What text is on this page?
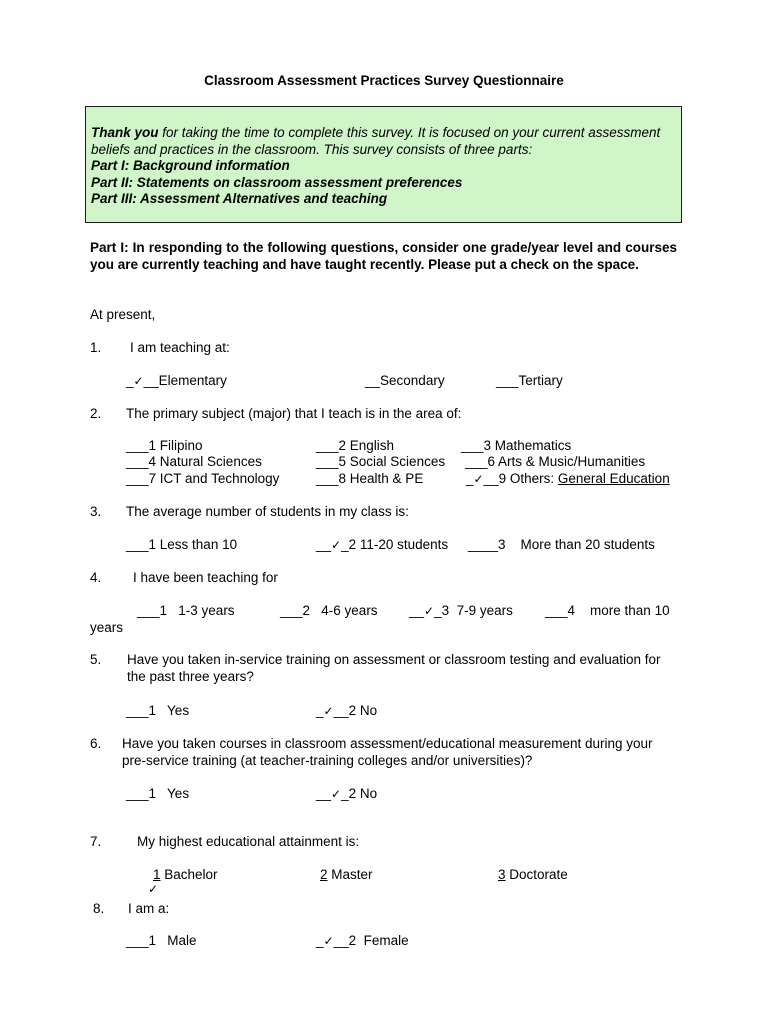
Classroom Assessment Practices Survey Questionnaire
Thank you for taking the time to complete this survey. It is focused on your current assessment beliefs and practices in the classroom. This survey consists of three parts:
Part I: Background information
Part II: Statements on classroom assessment preferences
Part III: Assessment Alternatives and teaching
Part I: In responding to the following questions, consider one grade/year level and courses you are currently teaching and have taught recently. Please put a check on the space.
At present,
1. I am teaching at:
_✓__Elementary	__Secondary	___Tertiary
2. The primary subject (major) that I teach is in the area of:
___1 Filipino	___2 English	___3 Mathematics
___4 Natural Sciences	___5 Social Sciences ___6 Arts & Music/Humanities
___7 ICT and Technology	___8 Health & PE	_✓__9 Others: General Education
3. The average number of students in my class is:
___1 Less than 10	__✓_2 11-20 students ____3    More than 20 students
4. I have been teaching for
___1   1-3 years	___2   4-6 years __✓_3  7-9 years ___4    more than 10
years
5. Have you taken in-service training on assessment or classroom testing and evaluation for the past three years?
___1   Yes	_✓__2 No
6. Have you taken courses in classroom assessment/educational measurement during your pre-service training (at teacher-training colleges and/or universities)?
___1   Yes	__✓_2 No
7.	My highest educational attainment is:
1 Bachelor
✓
2 Master	3 Doctorate
8. I am a:
___1   Male	_✓__2  Female
